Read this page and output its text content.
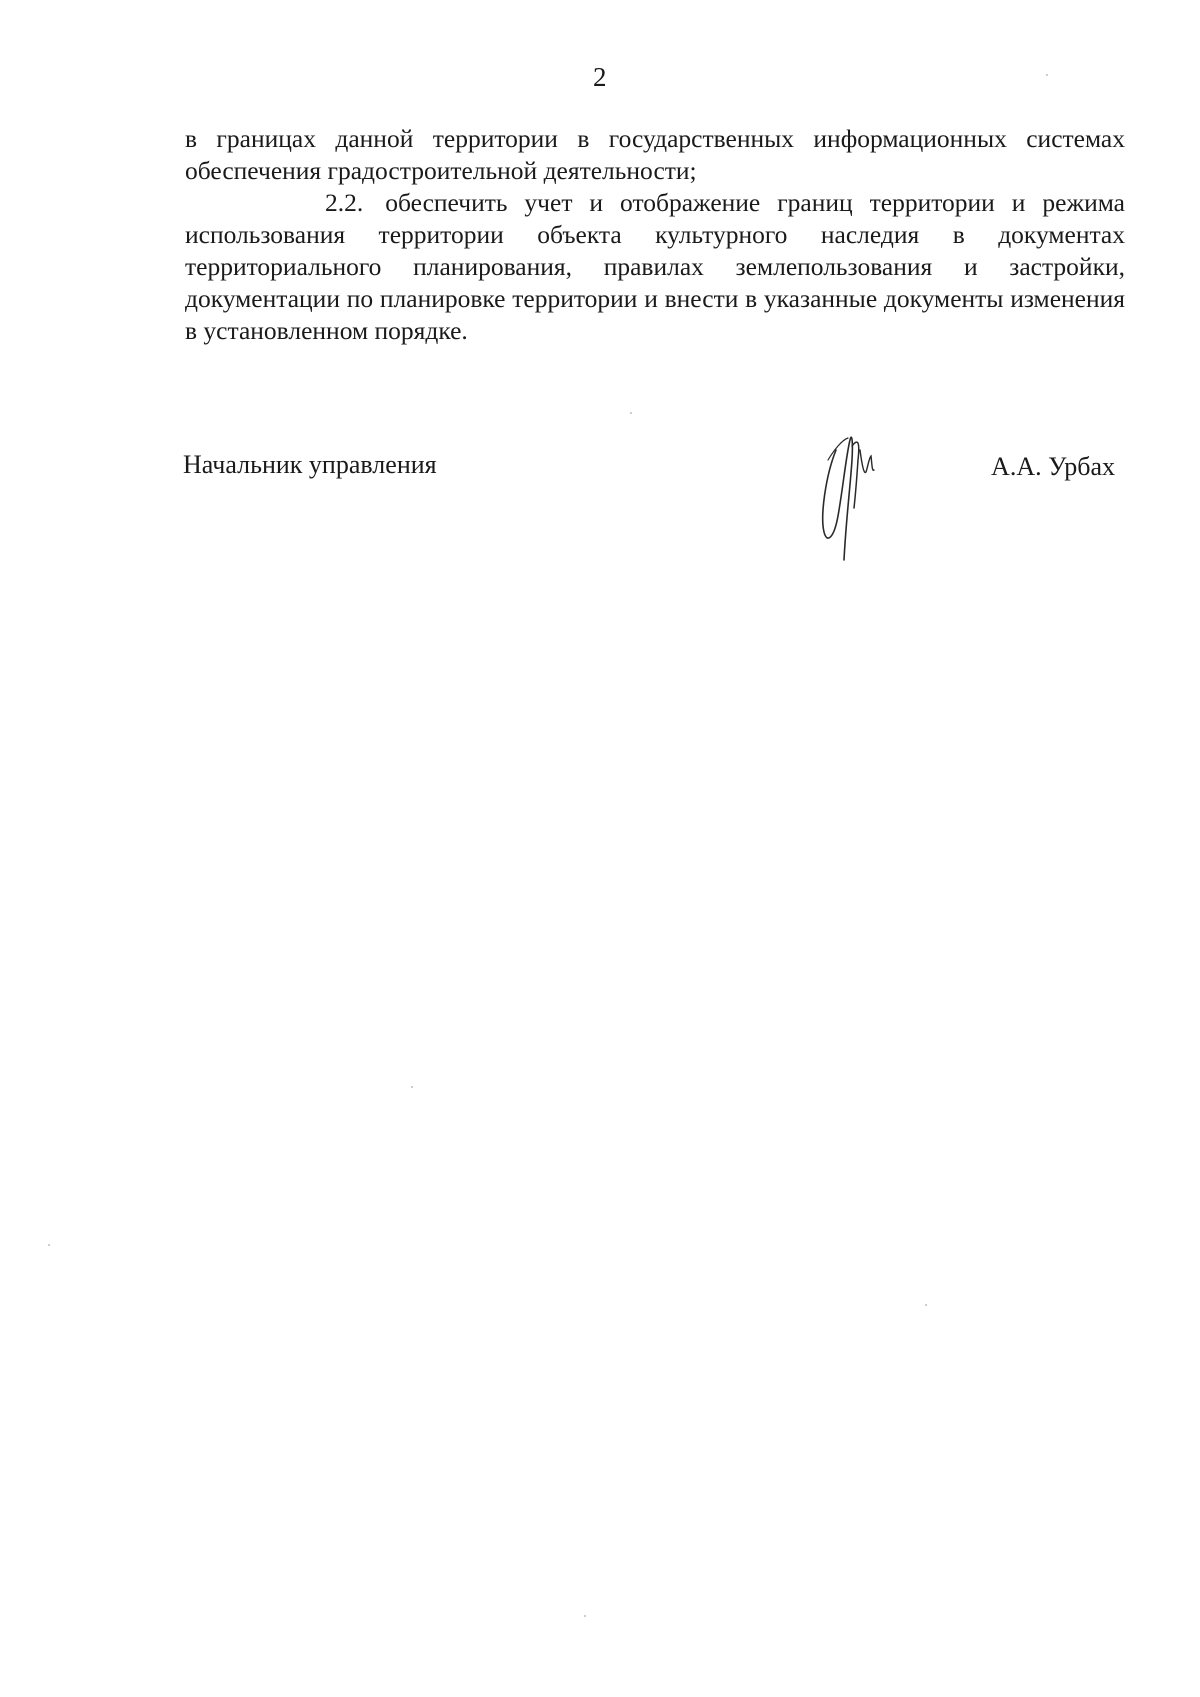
2

в границах данной территории в государственных информационных системах обеспечения градостроительной деятельности;

2.2. обеспечить учет и отображение границ территории и режима использования территории объекта культурного наследия в документах территориального планирования, правилах землепользования и застройки, документации по планировке территории и внести в указанные документы изменения в установленном порядке.

Начальник управления	А.А. Урбах
